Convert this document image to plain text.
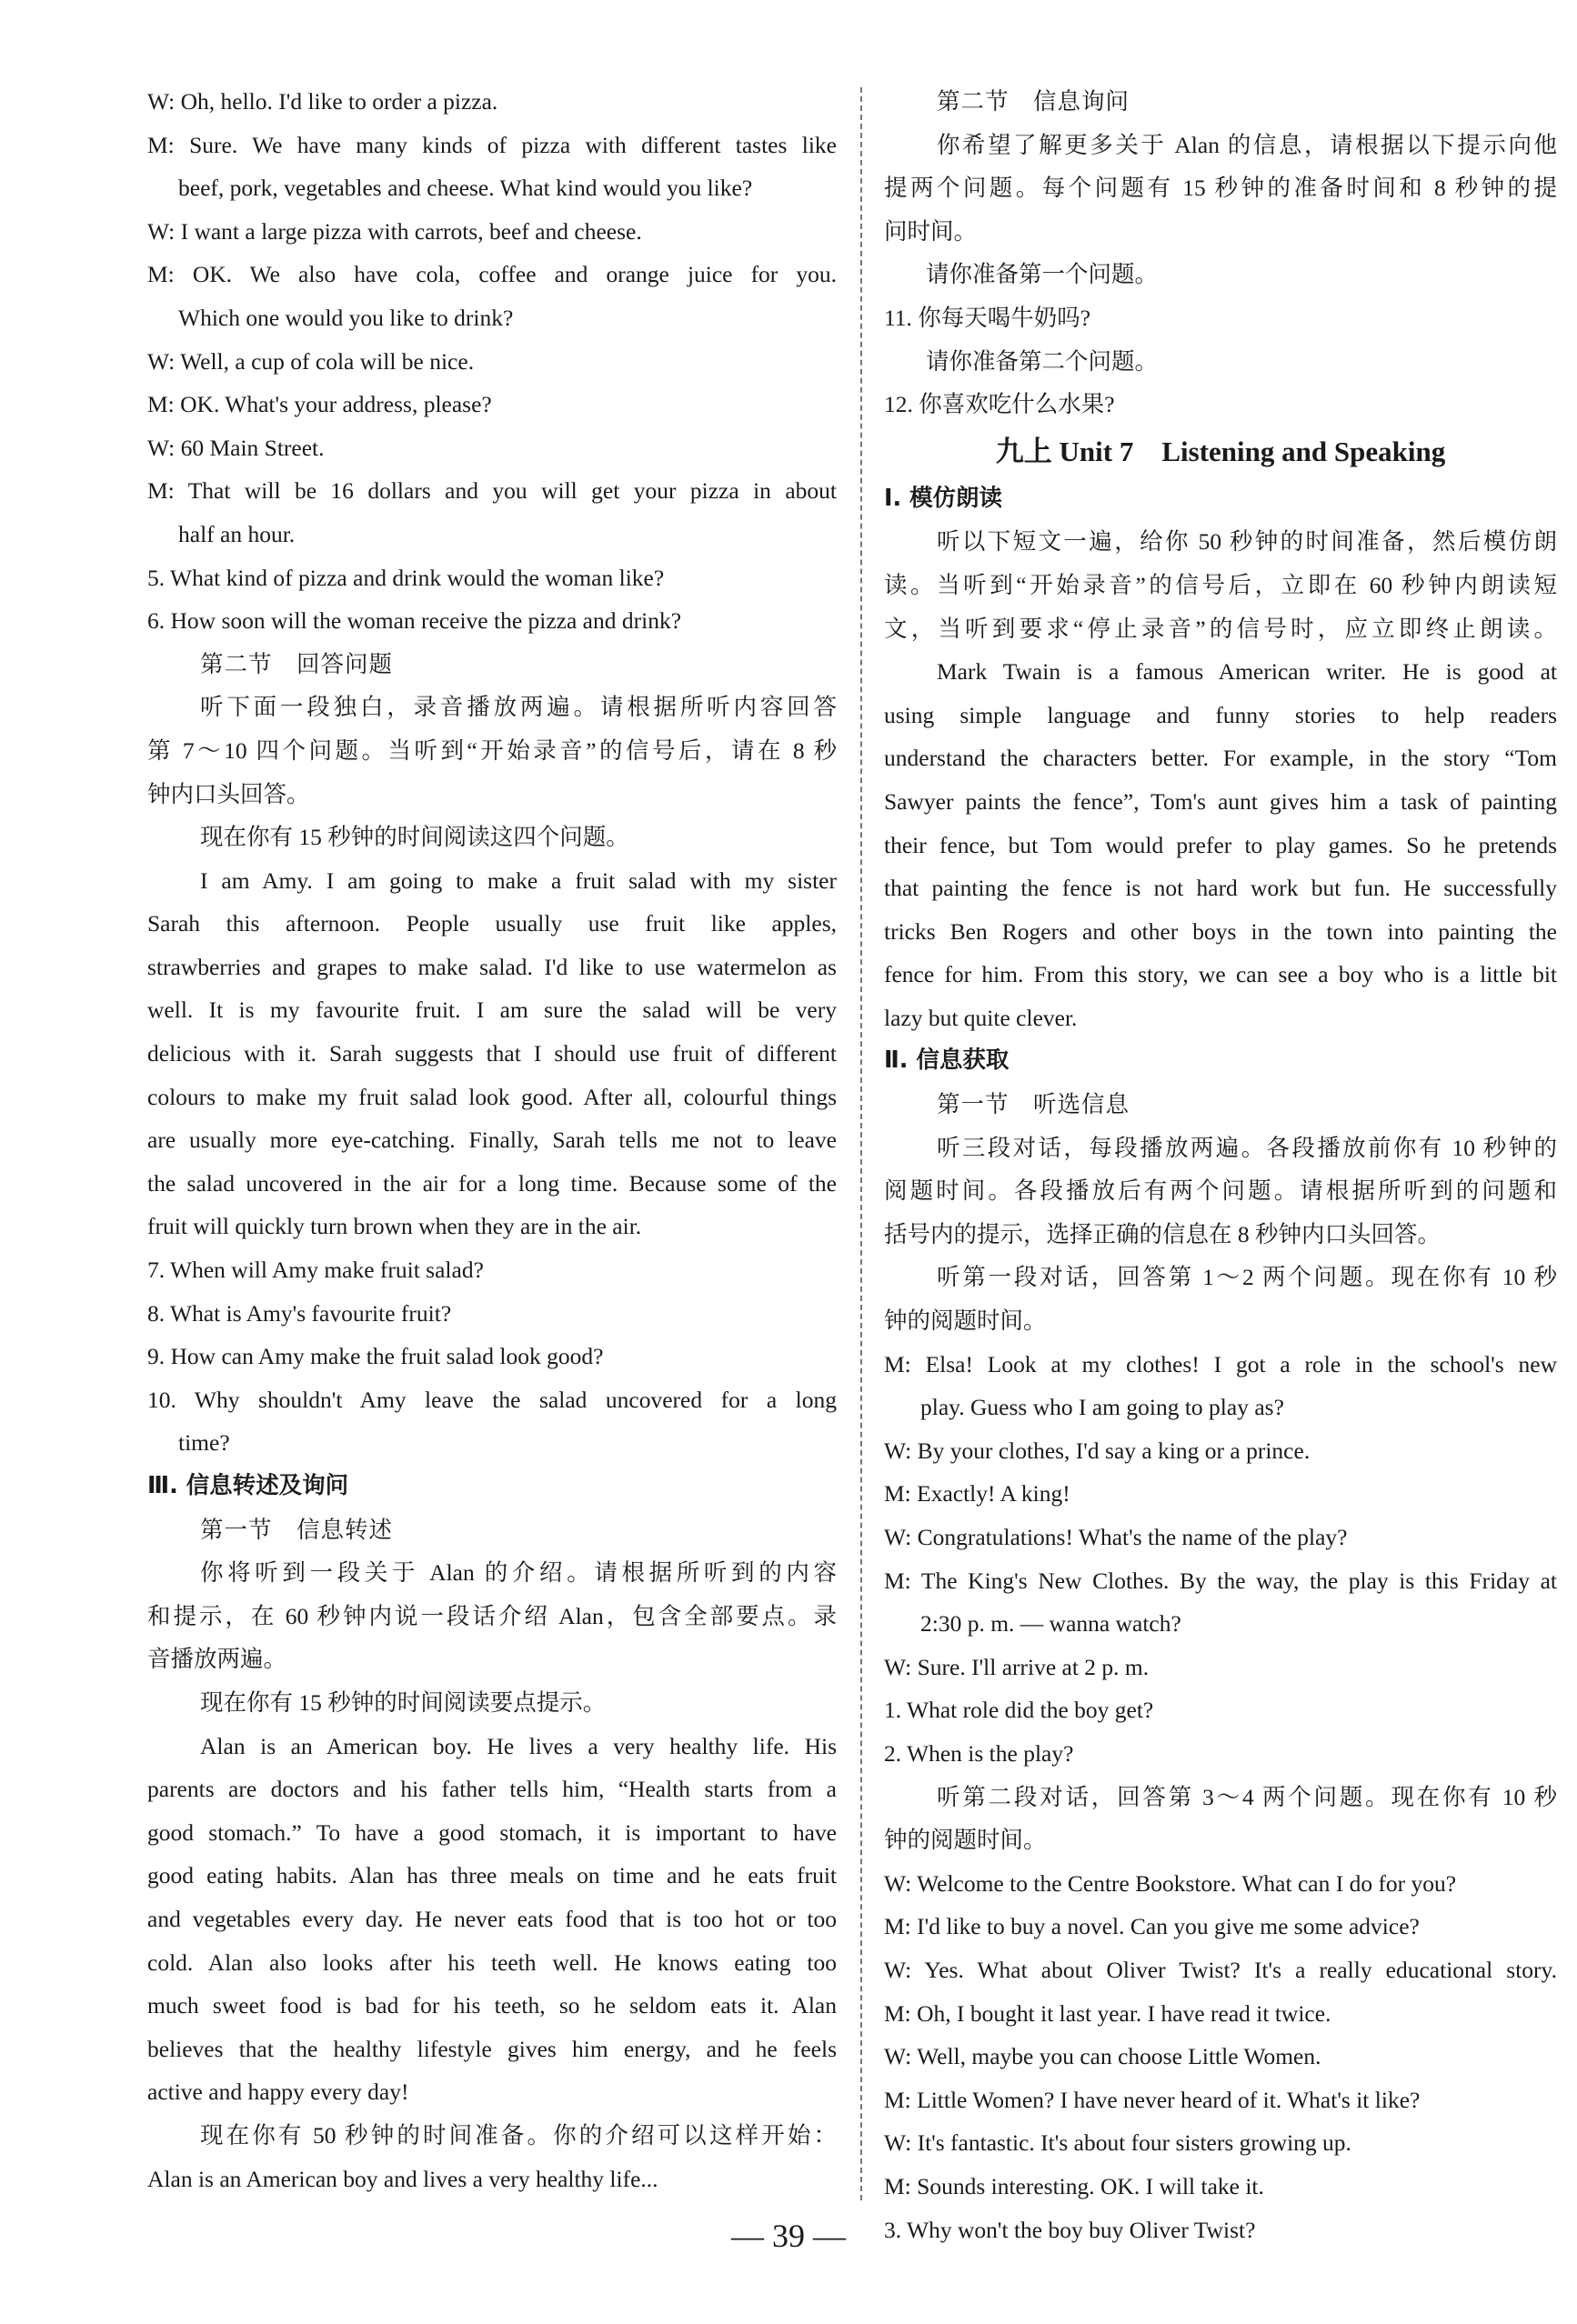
W: Oh, hello. I'd like to order a pizza.
M: Sure. We have many kinds of pizza with different tastes like
beef, pork, vegetables and cheese. What kind would you like?
W: I want a large pizza with carrots, beef and cheese.
M: OK. We also have cola, coffee and orange juice for you.
Which one would you like to drink?
W: Well, a cup of cola will be nice.
M: OK. What's your address, please?
W: 60 Main Street.
M: That will be 16 dollars and you will get your pizza in about
half an hour.
5. What kind of pizza and drink would the woman like?
6. How soon will the woman receive the pizza and drink?
第二节　回答问题
听下面一段独白，录音播放两遍。请根据所听内容回答
第 7～10 四个问题。当听到“开始录音”的信号后，请在 8 秒
钟内口头回答。
现在你有 15 秒钟的时间阅读这四个问题。
I am Amy. I am going to make a fruit salad with my sister
Sarah this afternoon. People usually use fruit like apples,
strawberries and grapes to make salad. I'd like to use watermelon as
well. It is my favourite fruit. I am sure the salad will be very
delicious with it. Sarah suggests that I should use fruit of different
colours to make my fruit salad look good. After all, colourful things
are usually more eye-catching. Finally, Sarah tells me not to leave
the salad uncovered in the air for a long time. Because some of the
fruit will quickly turn brown when they are in the air.
7. When will Amy make fruit salad?
8. What is Amy's favourite fruit?
9. How can Amy make the fruit salad look good?
10. Why shouldn't Amy leave the salad uncovered for a long
time?
Ⅲ. 信息转述及询问
第一节　信息转述
你将听到一段关于 Alan 的介绍。请根据所听到的内容
和提示，在 60 秒钟内说一段话介绍 Alan，包含全部要点。录
音播放两遍。
现在你有 15 秒钟的时间阅读要点提示。
Alan is an American boy. He lives a very healthy life. His
parents are doctors and his father tells him, “Health starts from a
good stomach.” To have a good stomach, it is important to have
good eating habits. Alan has three meals on time and he eats fruit
and vegetables every day. He never eats food that is too hot or too
cold. Alan also looks after his teeth well. He knows eating too
much sweet food is bad for his teeth, so he seldom eats it. Alan
believes that the healthy lifestyle gives him energy, and he feels
active and happy every day!
现在你有 50 秒钟的时间准备。你的介绍可以这样开始：
Alan is an American boy and lives a very healthy life...
第二节　信息询问
你希望了解更多关于 Alan 的信息，请根据以下提示向他
提两个问题。每个问题有 15 秒钟的准备时间和 8 秒钟的提
问时间。
请你准备第一个问题。
11. 你每天喝牛奶吗?
请你准备第二个问题。
12. 你喜欢吃什么水果?
九上 Unit 7　Listening and Speaking
Ⅰ. 模仿朗读
听以下短文一遍，给你 50 秒钟的时间准备，然后模仿朗
读。当听到“开始录音”的信号后，立即在 60 秒钟内朗读短
文，当听到要求“停止录音”的信号时，应立即终止朗读。
Mark Twain is a famous American writer. He is good at
using simple language and funny stories to help readers
understand the characters better. For example, in the story “Tom
Sawyer paints the fence”, Tom's aunt gives him a task of painting
their fence, but Tom would prefer to play games. So he pretends
that painting the fence is not hard work but fun. He successfully
tricks Ben Rogers and other boys in the town into painting the
fence for him. From this story, we can see a boy who is a little bit
lazy but quite clever.
Ⅱ. 信息获取
第一节　听选信息
听三段对话，每段播放两遍。各段播放前你有 10 秒钟的
阅题时间。各段播放后有两个问题。请根据所听到的问题和
括号内的提示，选择正确的信息在 8 秒钟内口头回答。
听第一段对话，回答第 1～2 两个问题。现在你有 10 秒
钟的阅题时间。
M: Elsa! Look at my clothes! I got a role in the school's new
play. Guess who I am going to play as?
W: By your clothes, I'd say a king or a prince.
M: Exactly! A king!
W: Congratulations! What's the name of the play?
M: The King's New Clothes. By the way, the play is this Friday at
2:30 p. m. — wanna watch?
W: Sure. I'll arrive at 2 p. m.
1. What role did the boy get?
2. When is the play?
听第二段对话，回答第 3～4 两个问题。现在你有 10 秒
钟的阅题时间。
W: Welcome to the Centre Bookstore. What can I do for you?
M: I'd like to buy a novel. Can you give me some advice?
W: Yes. What about Oliver Twist? It's a really educational story.
M: Oh, I bought it last year. I have read it twice.
W: Well, maybe you can choose Little Women.
M: Little Women? I have never heard of it. What's it like?
W: It's fantastic. It's about four sisters growing up.
M: Sounds interesting. OK. I will take it.
3. Why won't the boy buy Oliver Twist?
— 39 —
